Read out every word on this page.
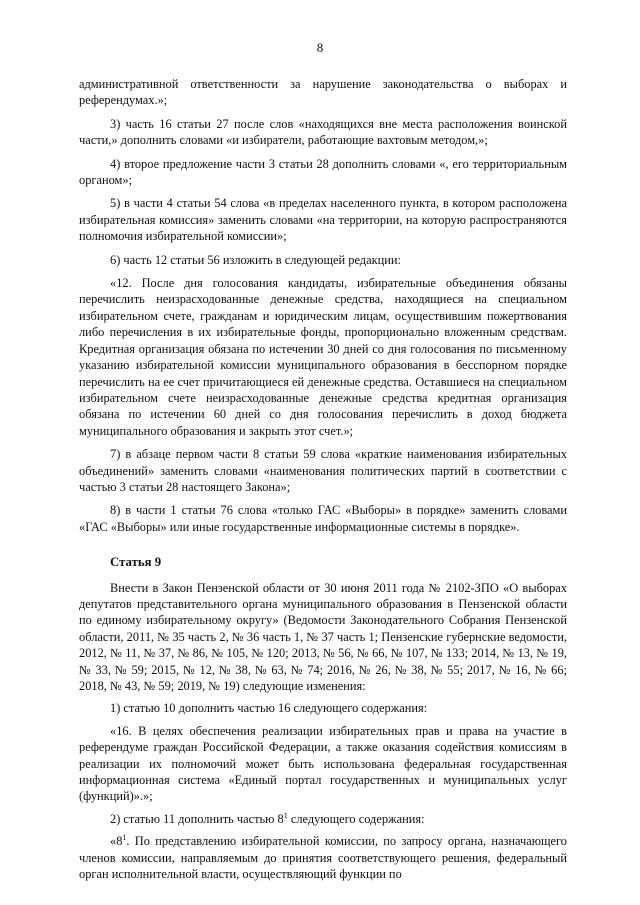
8

административной ответственности за нарушение законодательства о выборах и референдумах.»;

3) часть 16 статьи 27 после слов «находящихся вне места расположения воинской части,» дополнить словами «и избиратели, работающие вахтовым методом,»;

4) второе предложение части 3 статьи 28 дополнить словами «, его территориальным органом»;

5) в части 4 статьи 54 слова «в пределах населенного пункта, в котором расположена избирательная комиссия» заменить словами «на территории, на которую распространяются полномочия избирательной комиссии»;

6) часть 12 статьи 56 изложить в следующей редакции:

«12. После дня голосования кандидаты, избирательные объединения обязаны перечислить неизрасходованные денежные средства, находящиеся на специальном избирательном счете, гражданам и юридическим лицам, осуществившим пожертвования либо перечисления в их избирательные фонды, пропорционально вложенным средствам. Кредитная организация обязана по истечении 30 дней со дня голосования по письменному указанию избирательной комиссии муниципального образования в бесспорном порядке перечислить на ее счет причитающиеся ей денежные средства. Оставшиеся на специальном избирательном счете неизрасходованные денежные средства кредитная организация обязана по истечении 60 дней со дня голосования перечислить в доход бюджета муниципального образования и закрыть этот счет.»;

7) в абзаце первом части 8 статьи 59 слова «краткие наименования избирательных объединений» заменить словами «наименования политических партий в соответствии с частью 3 статьи 28 настоящего Закона»;

8) в части 1 статьи 76 слова «только ГАС «Выборы» в порядке» заменить словами «ГАС «Выборы» или иные государственные информационные системы в порядке».

Статья 9

Внести в Закон Пензенской области от 30 июня 2011 года № 2102-ЗПО «О выборах депутатов представительного органа муниципального образования в Пензенской области по единому избирательному округу» (Ведомости Законодательного Собрания Пензенской области, 2011, № 35 часть 2, № 36 часть 1, № 37 часть 1; Пензенские губернские ведомости, 2012, № 11, № 37, № 86, № 105, № 120; 2013, № 56, № 66, № 107, № 133; 2014, № 13, № 19, № 33, № 59; 2015, № 12, № 38, № 63, № 74; 2016, № 26, № 38, № 55; 2017, № 16, № 66; 2018, № 43, № 59; 2019, № 19) следующие изменения:

1) статью 10 дополнить частью 16 следующего содержания:

«16. В целях обеспечения реализации избирательных прав и права на участие в референдуме граждан Российской Федерации, а также оказания содействия комиссиям в реализации их полномочий может быть использована федеральная государственная информационная система «Единый портал государственных и муниципальных услуг (функций)».»;

2) статью 11 дополнить частью $8^1$ следующего содержания:

«$8^1$. По представлению избирательной комиссии, по запросу органа, назначающего членов комиссии, направляемым до принятия соответствующего решения, федеральный орган исполнительной власти, осуществляющий функции по
